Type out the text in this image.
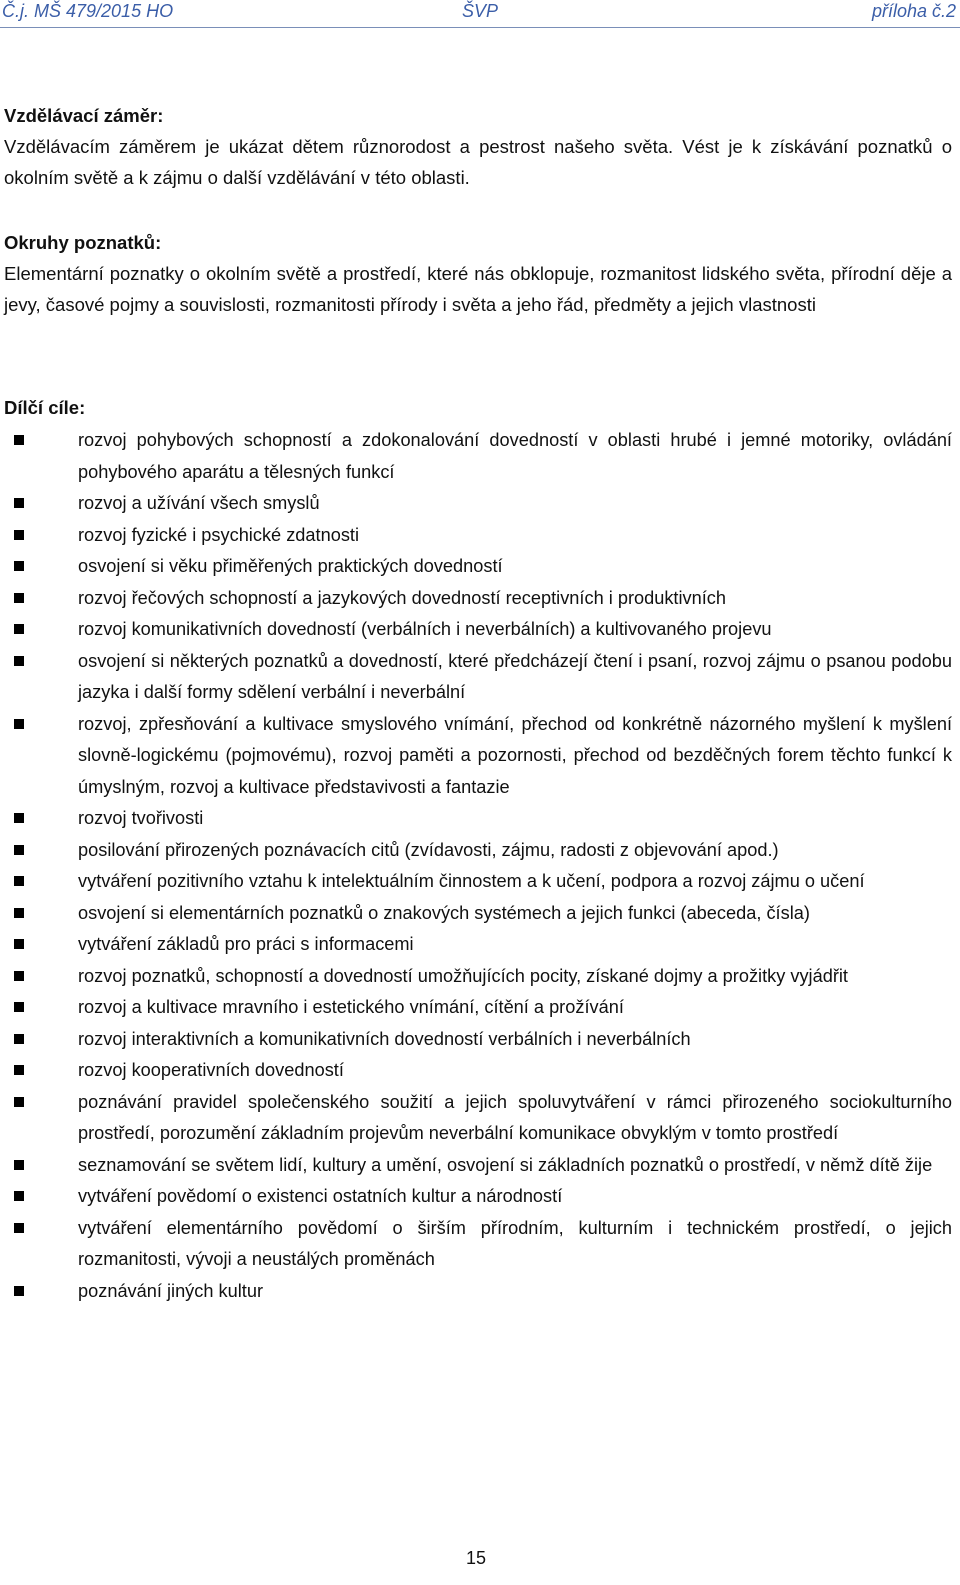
Č.j. MŠ 479/2015 HO	ŠVP	příloha č.2
Vzdělávací záměr:
Vzdělávacím záměrem je ukázat dětem různorodost a pestrost našeho světa. Vést je k získávání poznatků o okolním světě a k zájmu o další vzdělávání v této oblasti.
Okruhy poznatků:
Elementární poznatky o okolním světě a prostředí, které nás obklopuje, rozmanitost lidského světa, přírodní děje a jevy, časové pojmy a souvislosti, rozmanitosti přírody i světa a jeho řád, předměty a jejich vlastnosti
Dílčí cíle:
rozvoj pohybových schopností a zdokonalování dovedností v oblasti hrubé i jemné motoriky, ovládání pohybového aparátu a tělesných funkcí
rozvoj a užívání všech smyslů
rozvoj fyzické i psychické zdatnosti
osvojení si věku přiměřených praktických dovedností
rozvoj řečových schopností a jazykových dovedností receptivních i produktivních
rozvoj komunikativních dovedností (verbálních i neverbálních) a kultivovaného projevu
osvojení si některých poznatků a dovedností, které předcházejí čtení i psaní, rozvoj zájmu o psanou podobu jazyka i další formy sdělení verbální i neverbální
rozvoj, zpřesňování a kultivace smyslového vnímání, přechod od konkrétně názorného myšlení k myšlení slovně-logickému (pojmovému), rozvoj paměti a pozornosti, přechod od bezděčných forem těchto funkcí k úmyslným, rozvoj a kultivace představivosti a fantazie
rozvoj tvořivosti
posilování přirozených poznávacích citů (zvídavosti, zájmu, radosti z objevování apod.)
vytváření pozitivního vztahu k intelektuálním činnostem a k učení, podpora a rozvoj zájmu o učení
osvojení si elementárních poznatků o znakových systémech a jejich funkci (abeceda, čísla)
vytváření základů pro práci s informacemi
rozvoj poznatků, schopností a dovedností umožňujících pocity, získané dojmy a prožitky vyjádřit
rozvoj a kultivace mravního i estetického vnímání, cítění a prožívání
rozvoj interaktivních a komunikativních dovedností verbálních i neverbálních
rozvoj kooperativních dovedností
poznávání pravidel společenského soužití a jejich spoluvytváření v rámci přirozeného sociokulturního prostředí, porozumění základním projevům neverbální komunikace obvyklým v tomto prostředí
seznamování se světem lidí, kultury a umění, osvojení si základních poznatků o prostředí, v němž dítě žije
vytváření povědomí o existenci ostatních kultur a národností
vytváření elementárního povědomí o širším přírodním, kulturním i technickém prostředí, o jejich rozmanitosti, vývoji a neustálých proměnách
poznávání jiných kultur
15
